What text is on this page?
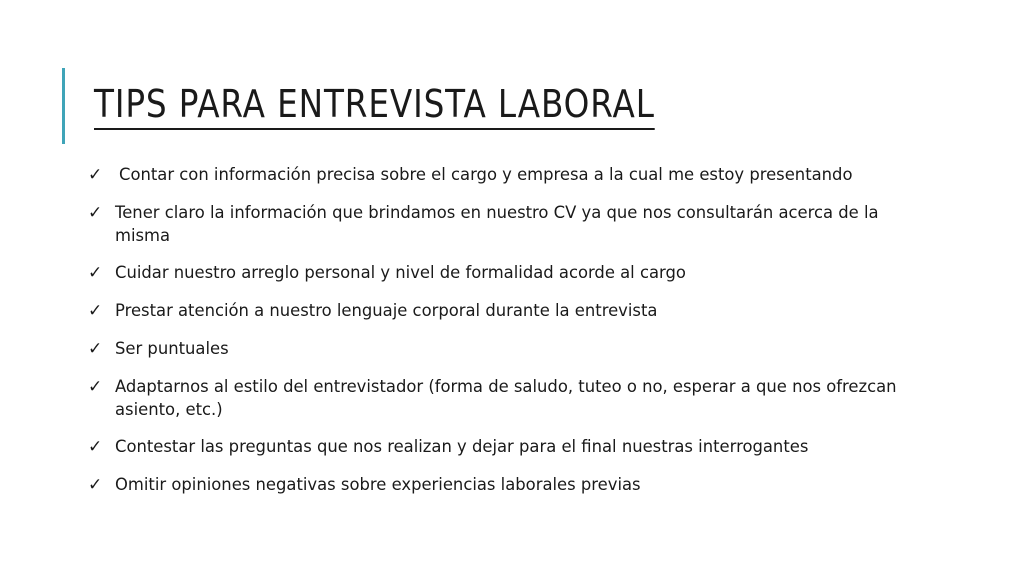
TIPS PARA ENTREVISTA LABORAL
✓	Contar con información precisa sobre el cargo y empresa a la cual me estoy presentando
✓ Tener claro la información que brindamos en nuestro CV ya que nos consultarán acerca de la misma
✓ Cuidar nuestro arreglo personal y nivel de formalidad acorde al cargo
✓ Prestar atención a nuestro lenguaje corporal durante la entrevista
✓ Ser puntuales
✓ Adaptarnos al estilo del entrevistador (forma de saludo, tuteo o no, esperar a que nos ofrezcan asiento, etc.)
✓ Contestar las preguntas que nos realizan y dejar para el final nuestras interrogantes
✓ Omitir opiniones negativas sobre experiencias laborales previas
